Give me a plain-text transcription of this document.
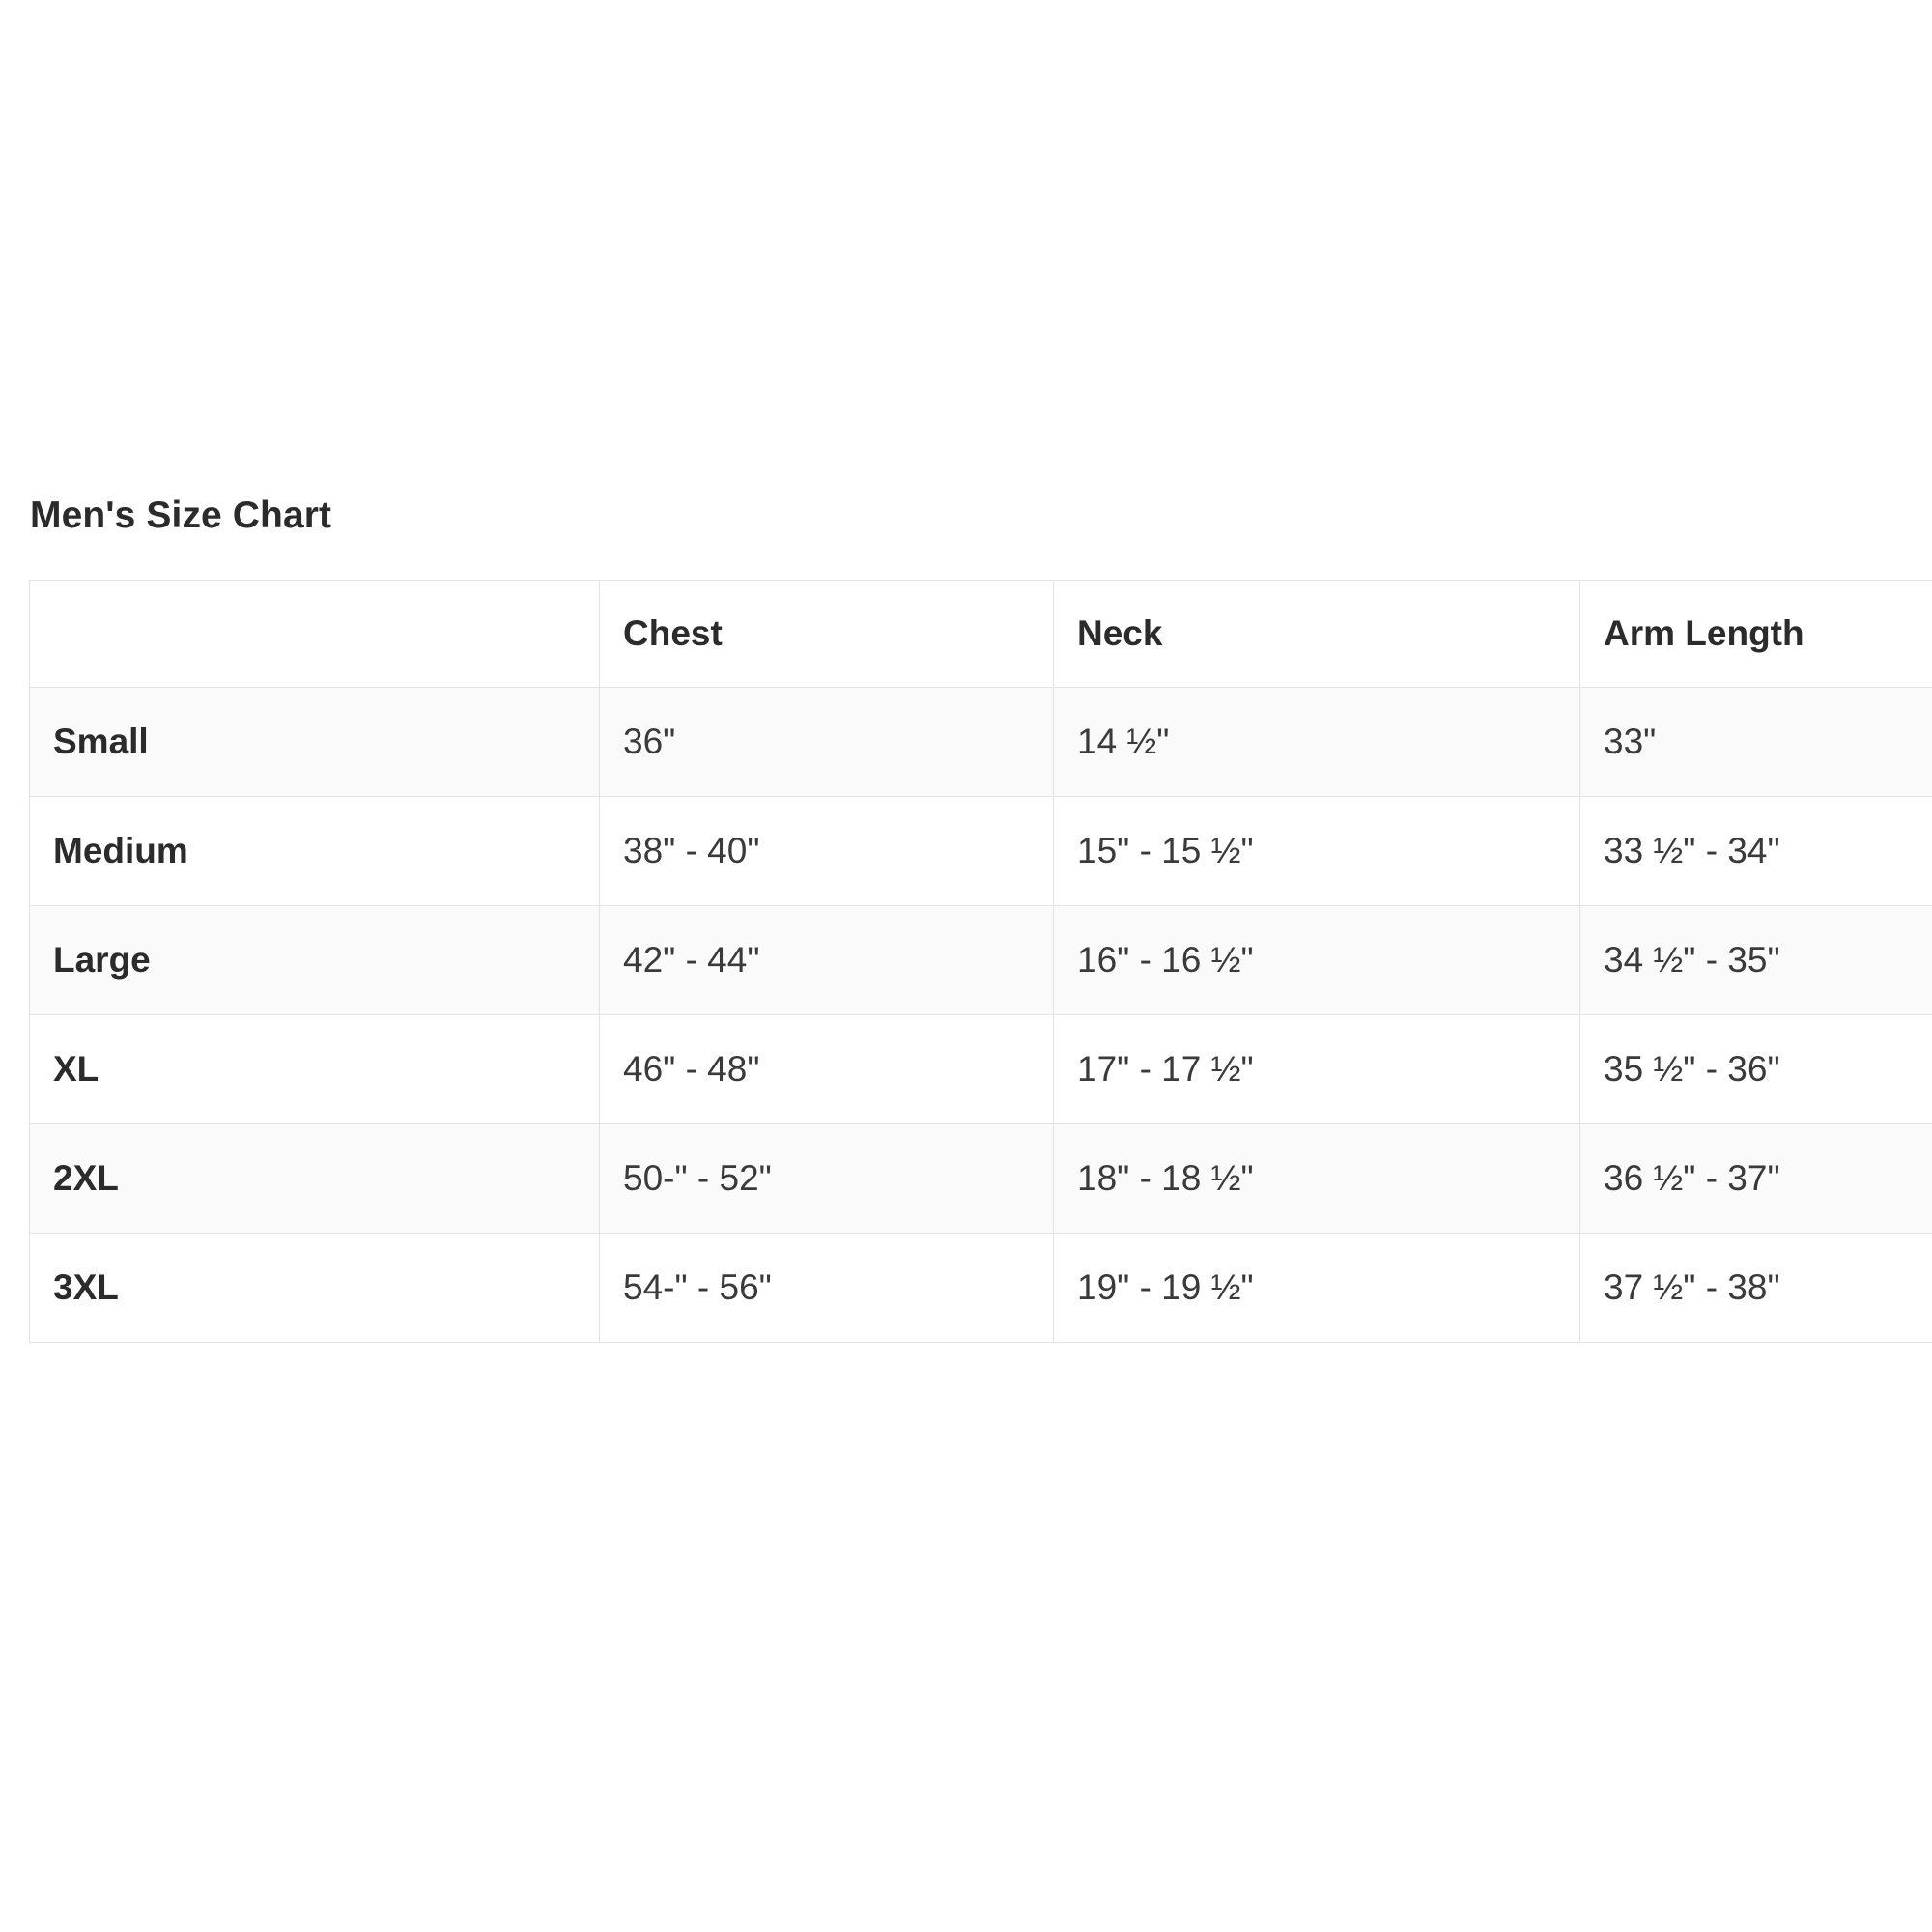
Men's Size Chart
	Chest	Neck	Arm Length
Small	36"	14 ½"	33"
Medium	38" - 40"	15" - 15 ½"	33 ½" - 34"
Large	42" - 44"	16" - 16 ½"	34 ½" - 35"
XL	46" - 48"	17" - 17 ½"	35 ½" - 36"
2XL	50-" - 52"	18" - 18 ½"	36 ½" - 37"
3XL	54-" - 56"	19" - 19 ½"	37 ½" - 38"
